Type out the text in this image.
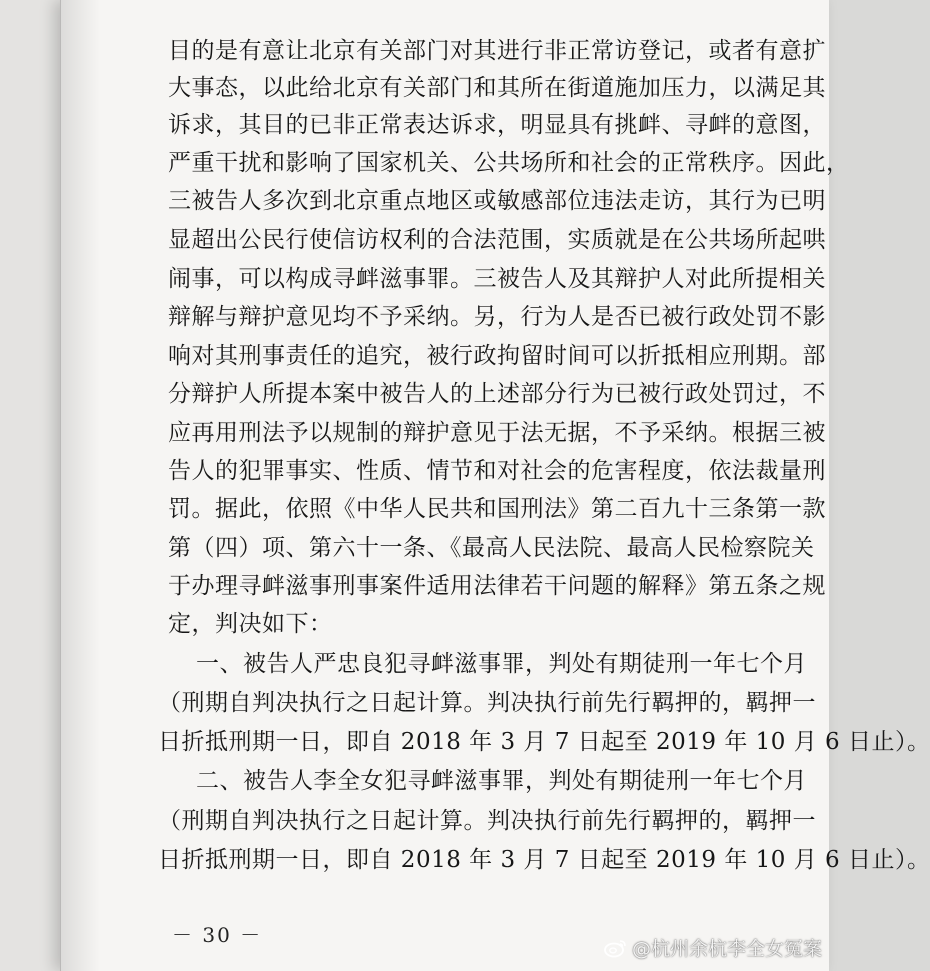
目的是有意让北京有关部门对其进行非正常访登记，或者有意扩
大事态，以此给北京有关部门和其所在街道施加压力，以满足其
诉求，其目的已非正常表达诉求，明显具有挑衅、寻衅的意图，
严重干扰和影响了国家机关、公共场所和社会的正常秩序。因此，
三被告人多次到北京重点地区或敏感部位违法走访，其行为已明
显超出公民行使信访权利的合法范围，实质就是在公共场所起哄
闹事，可以构成寻衅滋事罪。三被告人及其辩护人对此所提相关
辩解与辩护意见均不予采纳。另，行为人是否已被行政处罚不影
响对其刑事责任的追究，被行政拘留时间可以折抵相应刑期。部
分辩护人所提本案中被告人的上述部分行为已被行政处罚过，不
应再用刑法予以规制的辩护意见于法无据，不予采纳。根据三被
告人的犯罪事实、性质、情节和对社会的危害程度，依法裁量刑
罚。据此，依照《中华人民共和国刑法》第二百九十三条第一款
第（四）项、第六十一条、《最高人民法院、最高人民检察院关
于办理寻衅滋事刑事案件适用法律若干问题的解释》第五条之规
定，判决如下：
一、被告人严忠良犯寻衅滋事罪，判处有期徒刑一年七个月
（刑期自判决执行之日起计算。判决执行前先行羁押的，羁押一
日折抵刑期一日，即自 2018 年 3 月 7 日起至 2019 年 10 月 6 日止）。
二、被告人李全女犯寻衅滋事罪，判处有期徒刑一年七个月
（刑期自判决执行之日起计算。判决执行前先行羁押的，羁押一
日折抵刑期一日，即自 2018 年 3 月 7 日起至 2019 年 10 月 6 日止）。
－ 30 －
@杭州余杭李全女冤案
